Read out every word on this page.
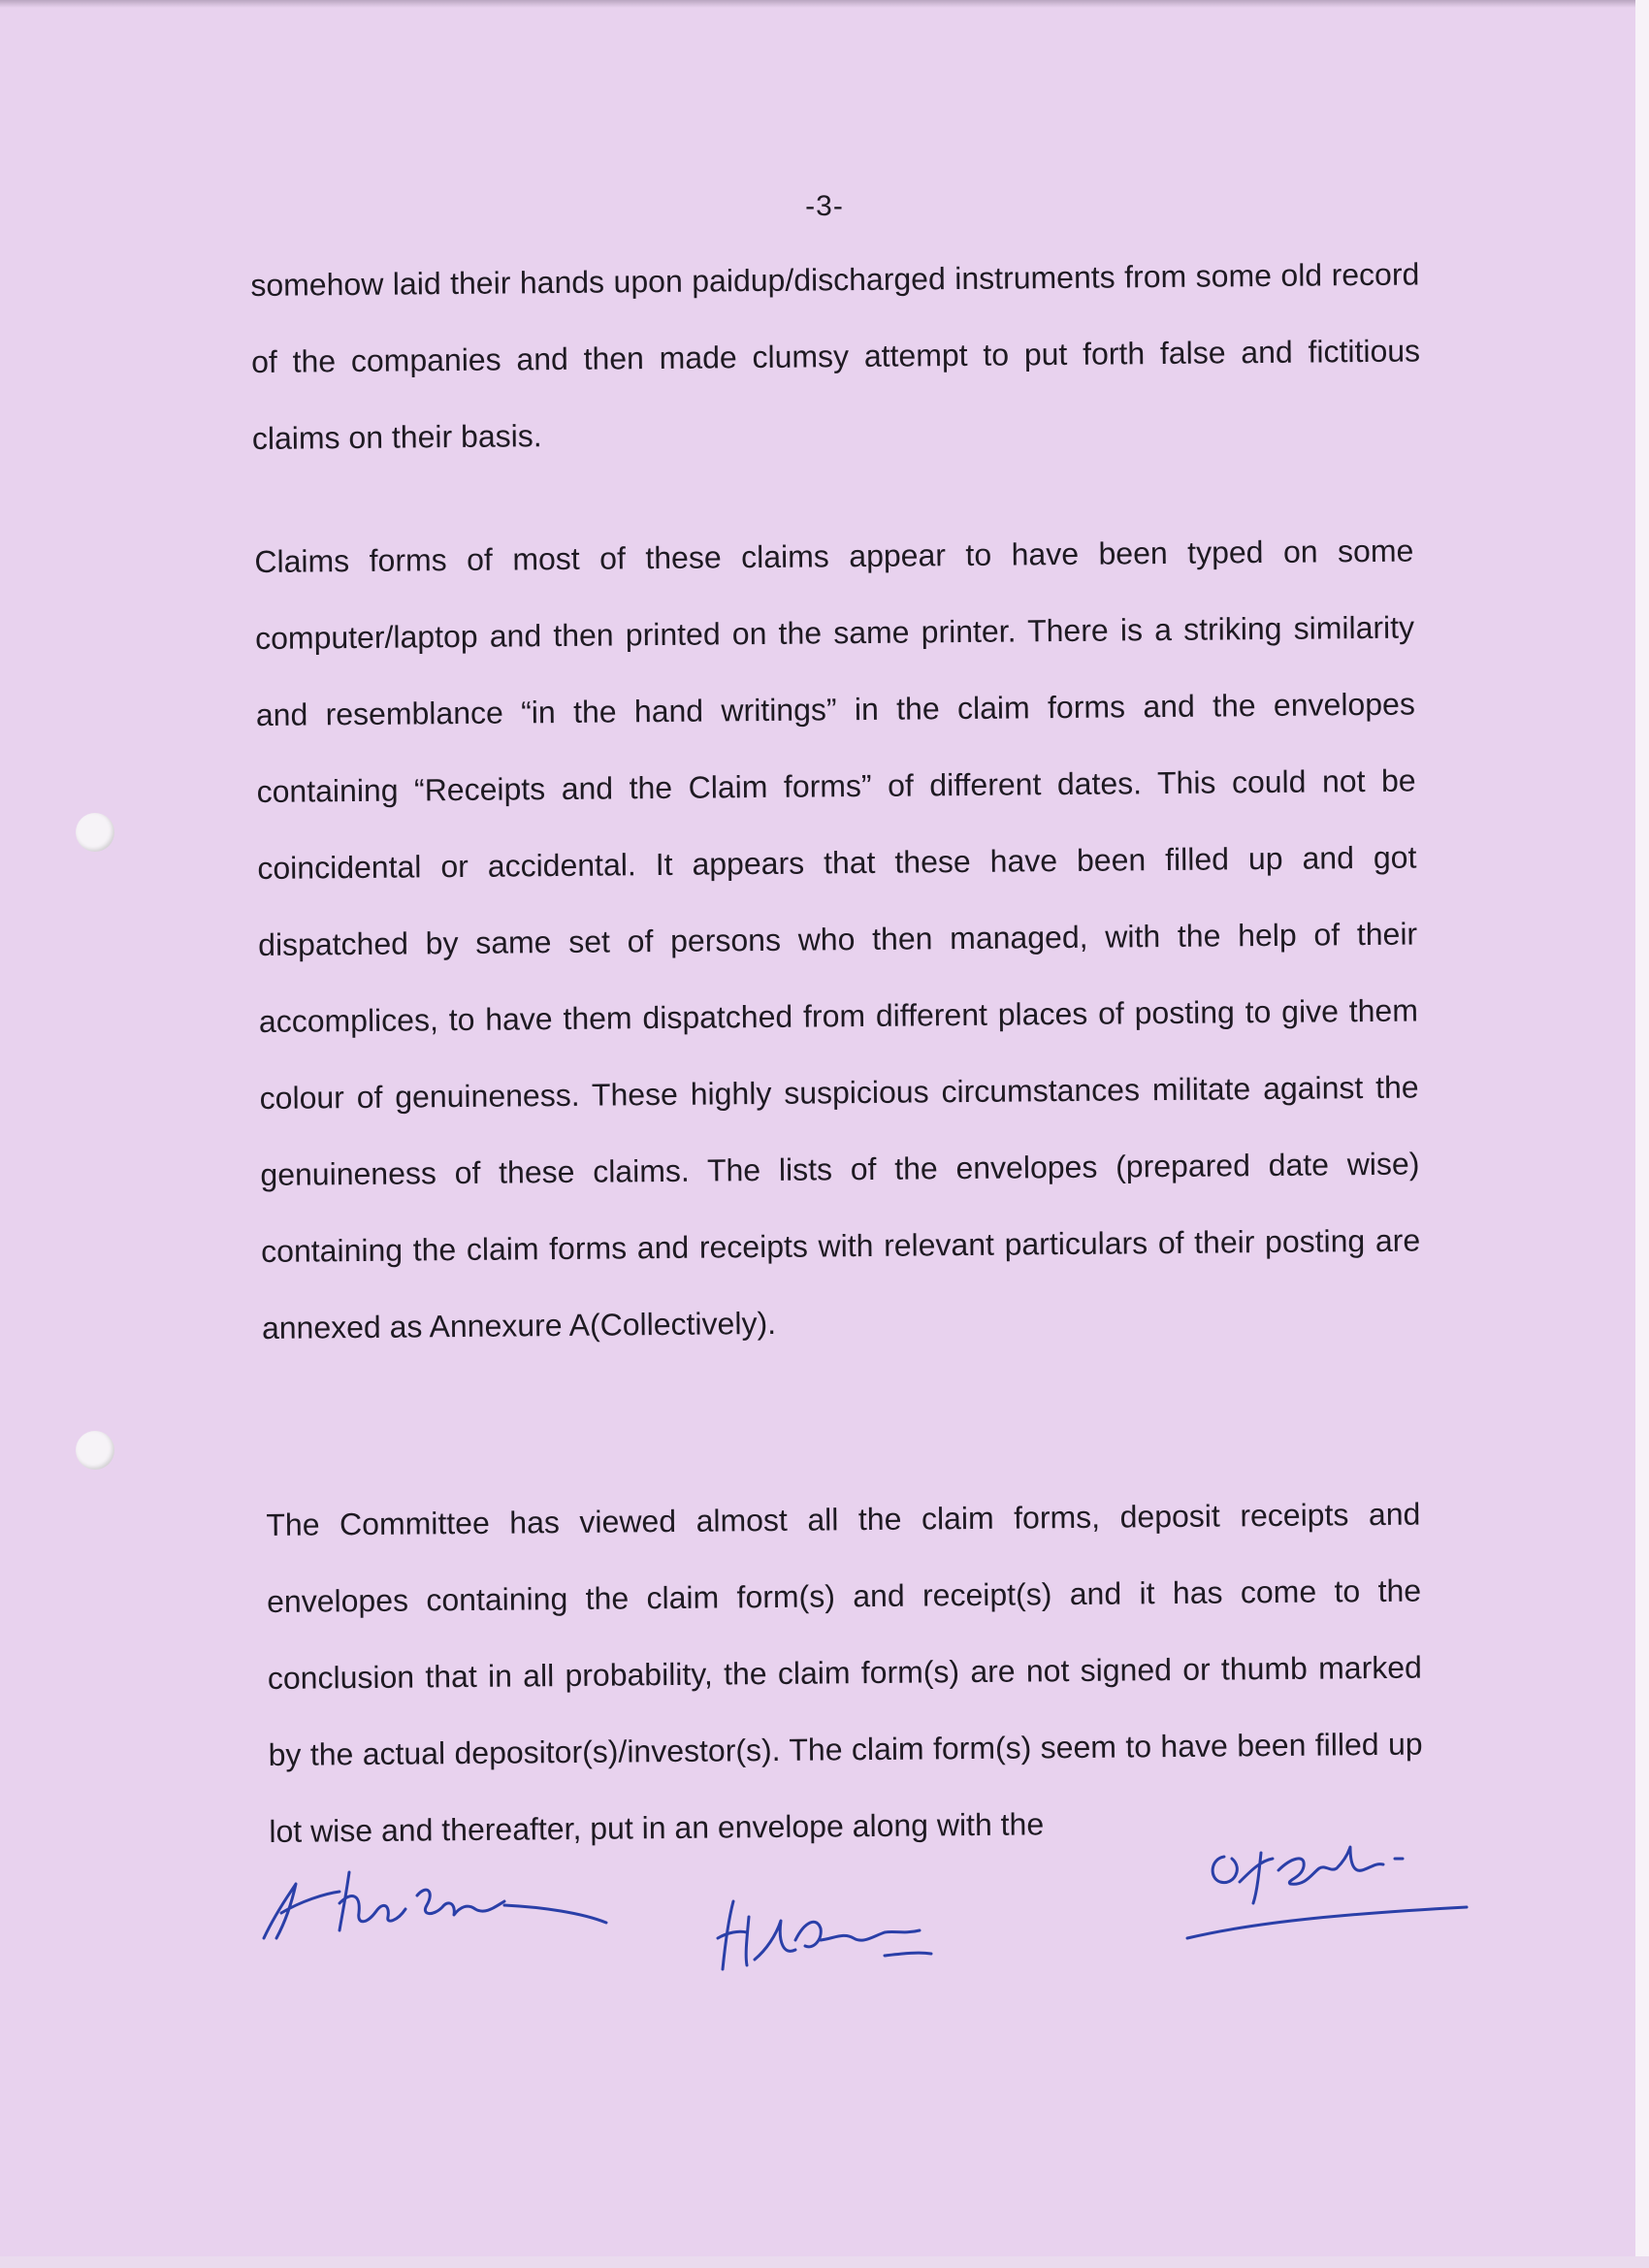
-3-

somehow laid their hands upon paidup/discharged instruments from some old record of the companies and then made clumsy attempt to put forth false and fictitious claims on their basis.

Claims forms of most of these claims appear to have been typed on some computer/laptop and then printed on the same printer. There is a striking similarity and resemblance “in the hand writings” in the claim forms and the envelopes containing “Receipts and the Claim forms” of different dates. This could not be coincidental or accidental. It appears that these have been filled up and got dispatched by same set of persons who then managed, with the help of their accomplices, to have them dispatched from different places of posting to give them colour of genuineness. These highly suspicious circumstances militate against the genuineness of these claims. The lists of the envelopes (prepared date wise) containing the claim forms and receipts with relevant particulars of their posting are annexed as Annexure A(Collectively).

The Committee has viewed almost all the claim forms, deposit receipts and envelopes containing the claim form(s) and receipt(s) and it has come to the conclusion that in all probability, the claim form(s) are not signed or thumb marked by the actual depositor(s)/investor(s). The claim form(s) seem to have been filled up lot wise and thereafter, put in an envelope along with the
